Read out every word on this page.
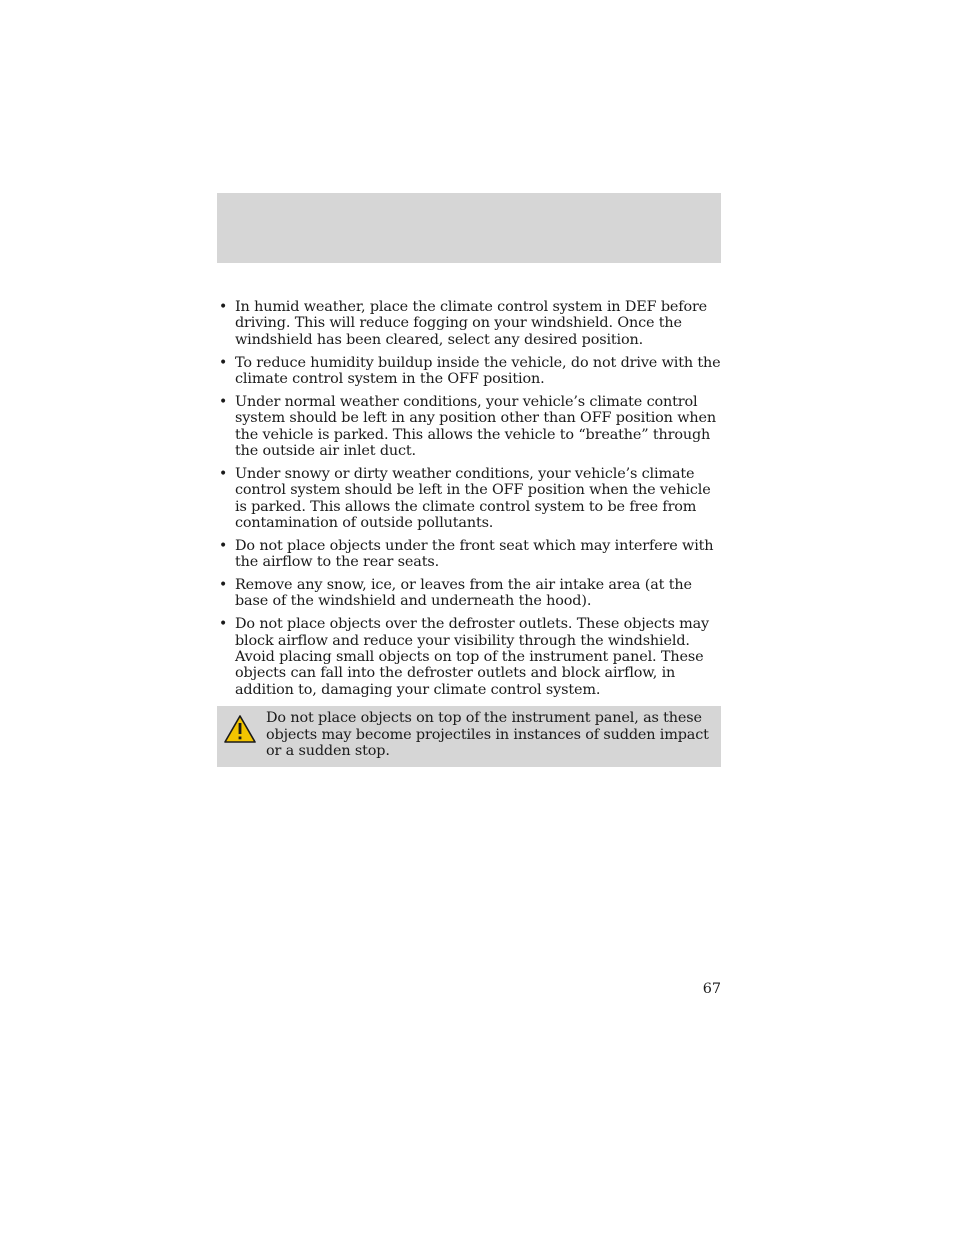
• In humid weather, place the climate control system in DEF before driving. This will reduce fogging on your windshield. Once the windshield has been cleared, select any desired position.
• To reduce humidity buildup inside the vehicle, do not drive with the climate control system in the OFF position.
• Under normal weather conditions, your vehicle’s climate control system should be left in any position other than OFF position when the vehicle is parked. This allows the vehicle to “breathe” through the outside air inlet duct.
• Under snowy or dirty weather conditions, your vehicle’s climate control system should be left in the OFF position when the vehicle is parked. This allows the climate control system to be free from contamination of outside pollutants.
• Do not place objects under the front seat which may interfere with the airflow to the rear seats.
• Remove any snow, ice, or leaves from the air intake area (at the base of the windshield and underneath the hood).
• Do not place objects over the defroster outlets. These objects may block airflow and reduce your visibility through the windshield. Avoid placing small objects on top of the instrument panel. These objects can fall into the defroster outlets and block airflow, in addition to, damaging your climate control system.
Do not place objects on top of the instrument panel, as these objects may become projectiles in instances of sudden impact or a sudden stop.
67
